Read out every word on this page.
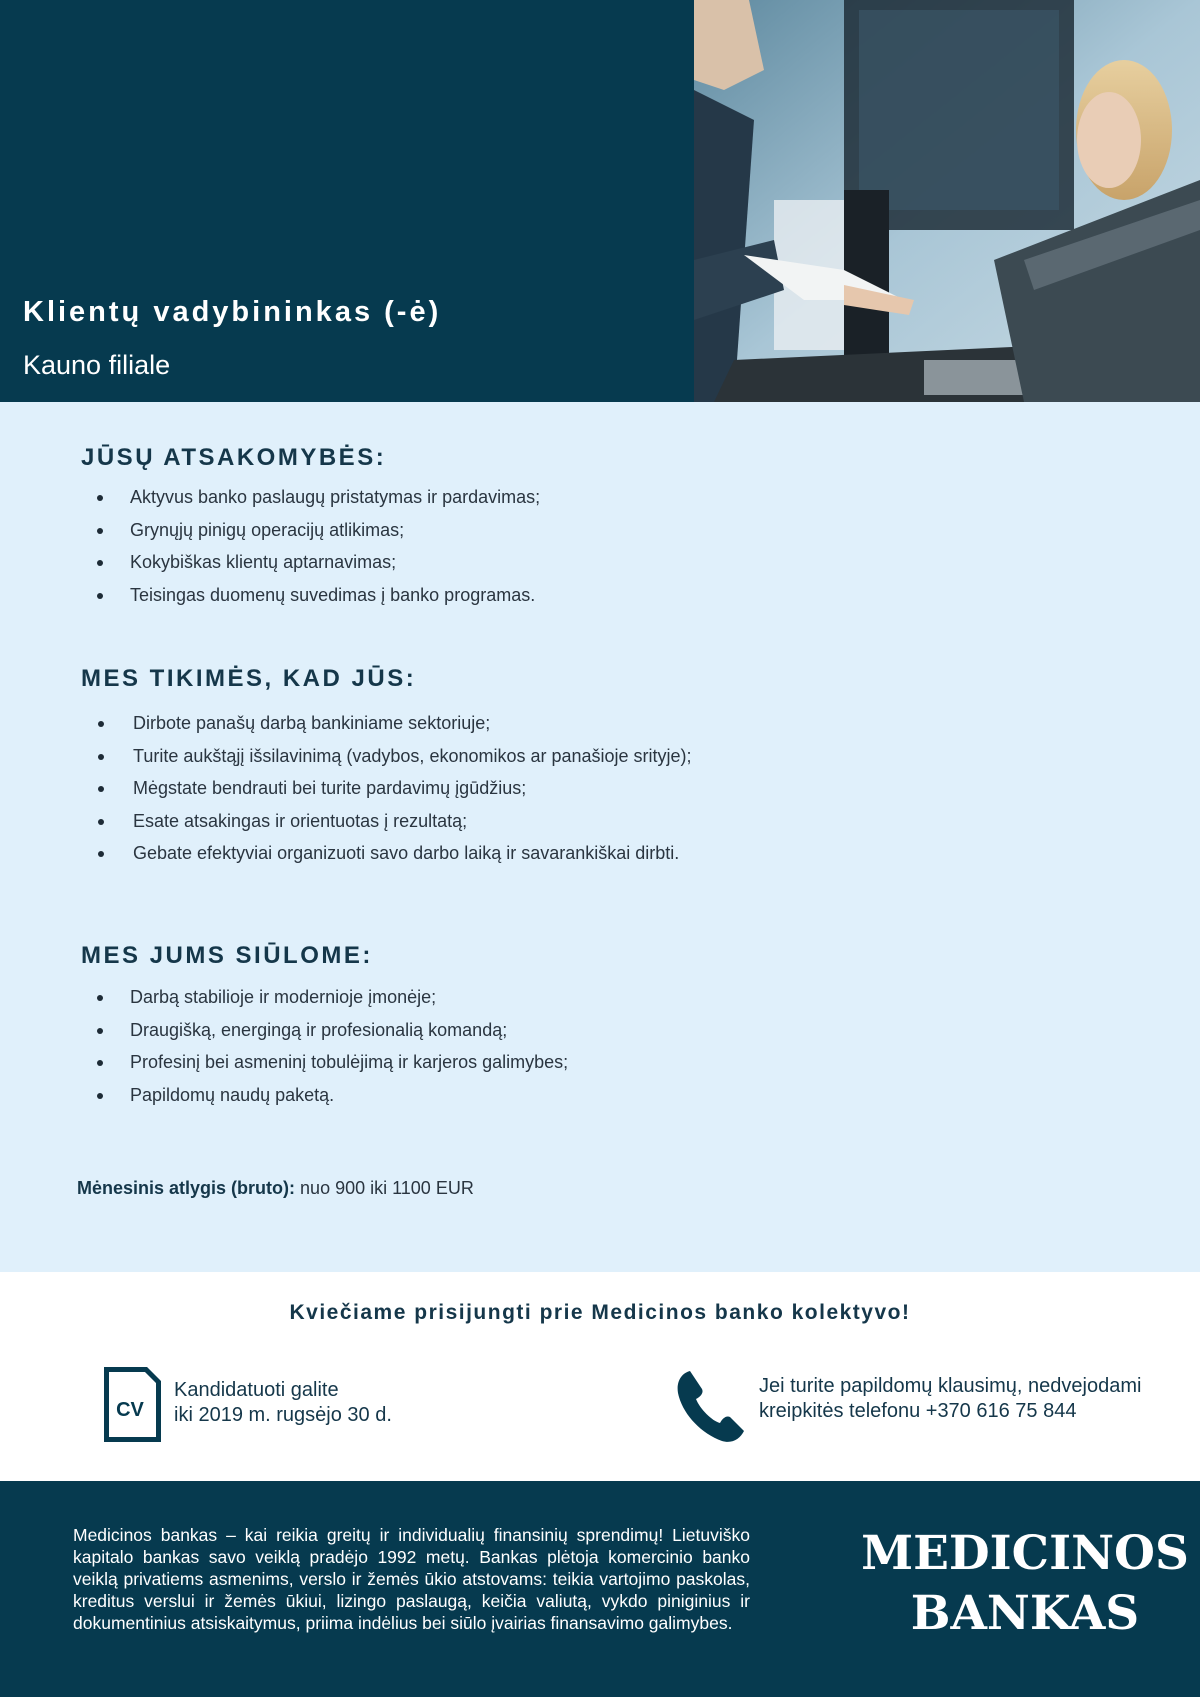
Klientų vadybininkas (-ė)
Kauno filiale
JŪSŲ ATSAKOMYBĖS:
Aktyvus banko paslaugų pristatymas ir pardavimas;
Grynųjų pinigų operacijų atlikimas;
Kokybiškas klientų aptarnavimas;
Teisingas duomenų suvedimas į banko programas.
MES TIKIMĖS, KAD JŪS:
Dirbote panašų darbą bankiniame sektoriuje;
Turite aukštąjį išsilavinimą (vadybos, ekonomikos ar panašioje srityje);
Mėgstate bendrauti bei turite pardavimų įgūdžius;
Esate atsakingas ir orientuotas į rezultatą;
Gebate efektyviai organizuoti savo darbo laiką ir savarankiškai dirbti.
MES JUMS SIŪLOME:
Darbą stabilioje ir modernioje įmonėje;
Draugišką, energingą ir profesionalią komandą;
Profesinį bei asmeninį tobulėjimą ir karjeros galimybes;
Papildomų naudų paketą.
Mėnesinis atlygis (bruto): nuo 900 iki 1100 EUR
Kviečiame prisijungti prie Medicinos banko kolektyvo!
CV
Kandidatuoti galite
iki 2019 m. rugsėjo 30 d.
Jei turite papildomų klausimų, nedvejodami
kreipkitės telefonu +370 616 75 844
Medicinos bankas – kai reikia greitų ir individualių finansinių sprendimų! Lietuviško kapitalo bankas savo veiklą pradėjo 1992 metų. Bankas plėtoja komercinio banko veiklą privatiems asmenims, verslo ir žemės ūkio atstovams: teikia vartojimo paskolas, kreditus verslui ir žemės ūkiui, lizingo paslaugą, keičia valiutą, vykdo piniginius ir dokumentinius atsiskaitymus, priima indėlius bei siūlo įvairias finansavimo galimybes.
MEDICINOS
BANKAS
